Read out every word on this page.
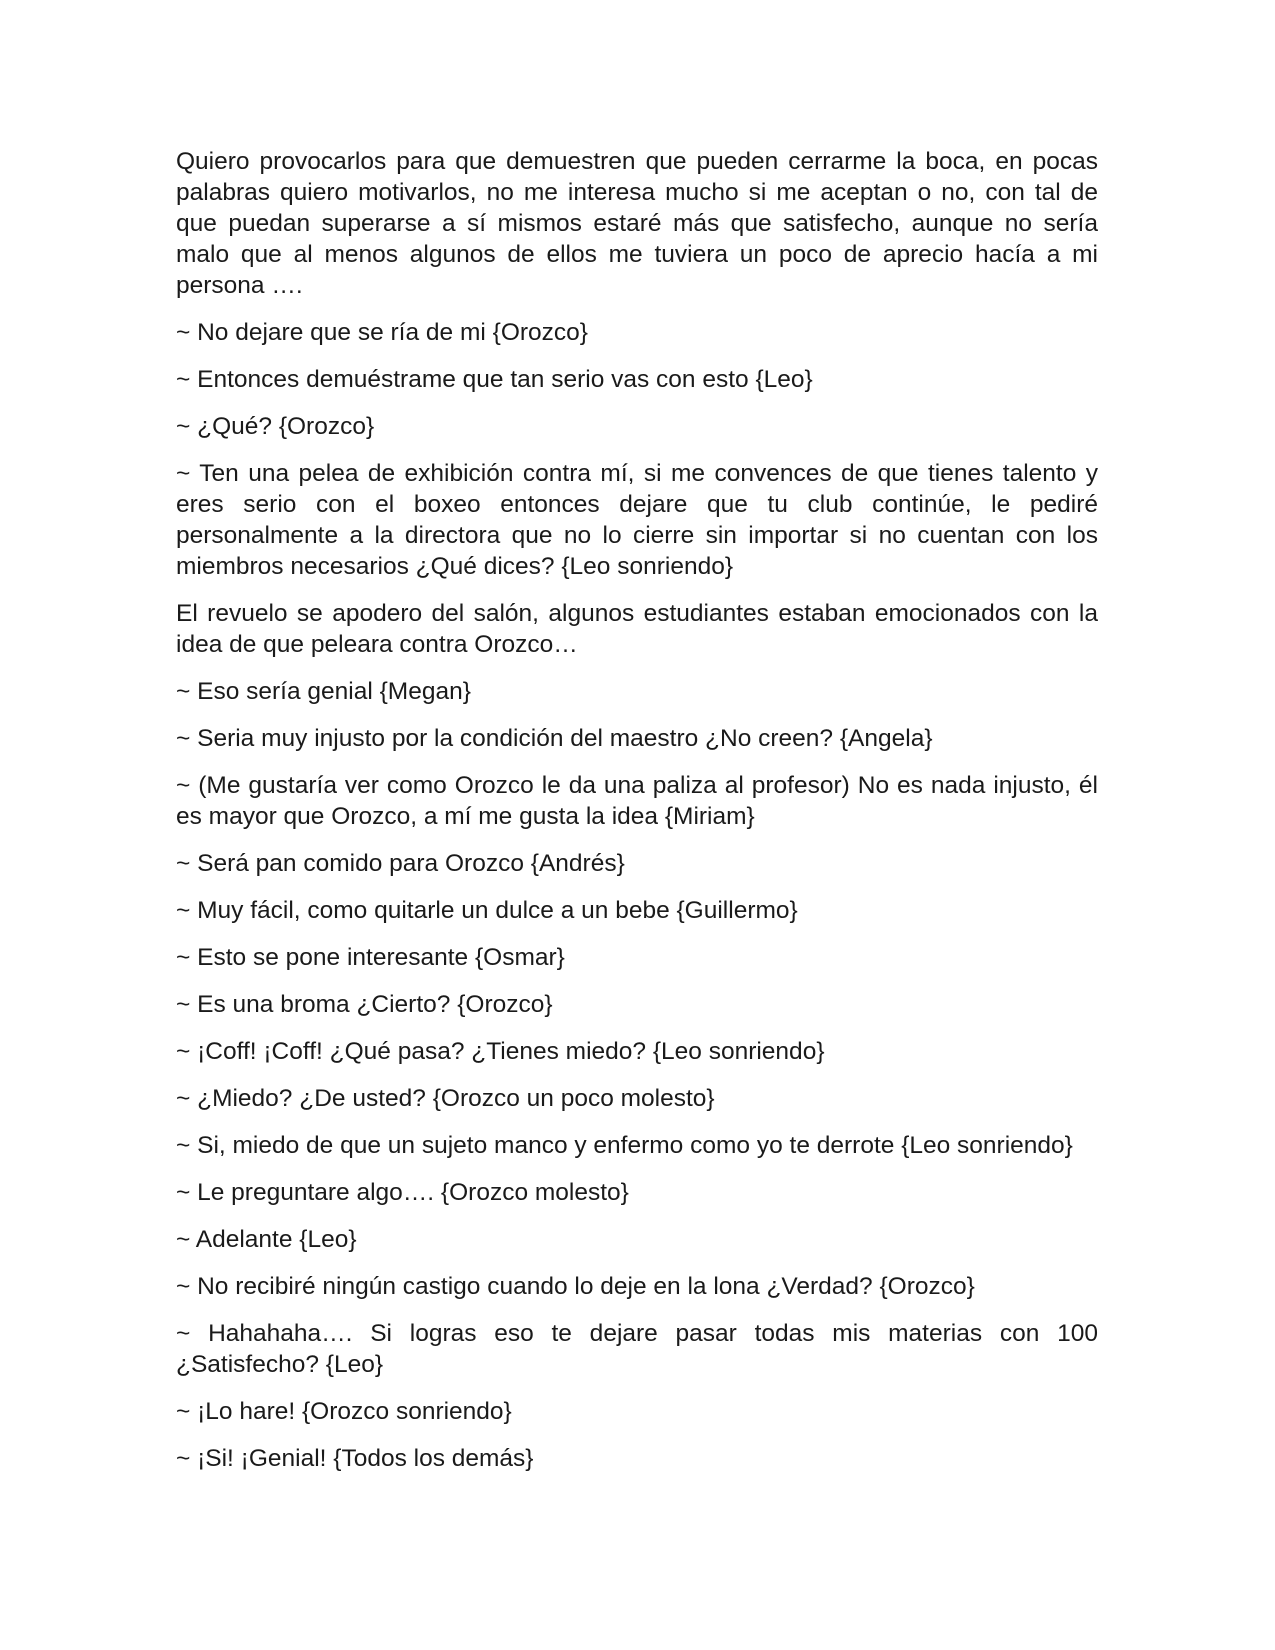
Quiero provocarlos para que demuestren que pueden cerrarme la boca, en pocas palabras quiero motivarlos, no me interesa mucho si me aceptan o no, con tal de que puedan superarse a sí mismos estaré más que satisfecho, aunque no sería malo que al menos algunos de ellos me tuviera un poco de aprecio hacía a mi persona ….

~ No dejare que se ría de mi {Orozco}

~ Entonces demuéstrame que tan serio vas con esto {Leo}

~ ¿Qué? {Orozco}

~ Ten una pelea de exhibición contra mí, si me convences de que tienes talento y eres serio con el boxeo entonces dejare que tu club continúe, le pediré personalmente a la directora que no lo cierre sin importar si no cuentan con los miembros necesarios ¿Qué dices? {Leo sonriendo}

El revuelo se apodero del salón, algunos estudiantes estaban emocionados con la idea de que peleara contra Orozco…

~ Eso sería genial {Megan}

~ Seria muy injusto por la condición del maestro ¿No creen? {Angela}

~ (Me gustaría ver como Orozco le da una paliza al profesor) No es nada injusto, él es mayor que Orozco, a mí me gusta la idea {Miriam}

~ Será pan comido para Orozco {Andrés}

~ Muy fácil, como quitarle un dulce a un bebe {Guillermo}

~ Esto se pone interesante {Osmar}

~ Es una broma ¿Cierto? {Orozco}

~ ¡Coff! ¡Coff! ¿Qué pasa? ¿Tienes miedo? {Leo sonriendo}

~ ¿Miedo? ¿De usted? {Orozco un poco molesto}

~ Si, miedo de que un sujeto manco y enfermo como yo te derrote {Leo sonriendo}

~ Le preguntare algo…. {Orozco molesto}

~ Adelante {Leo}

~ No recibiré ningún castigo cuando lo deje en la lona ¿Verdad? {Orozco}

~ Hahahaha…. Si logras eso te dejare pasar todas mis materias con 100 ¿Satisfecho? {Leo}

~ ¡Lo hare! {Orozco sonriendo}

~ ¡Si! ¡Genial! {Todos los demás}
